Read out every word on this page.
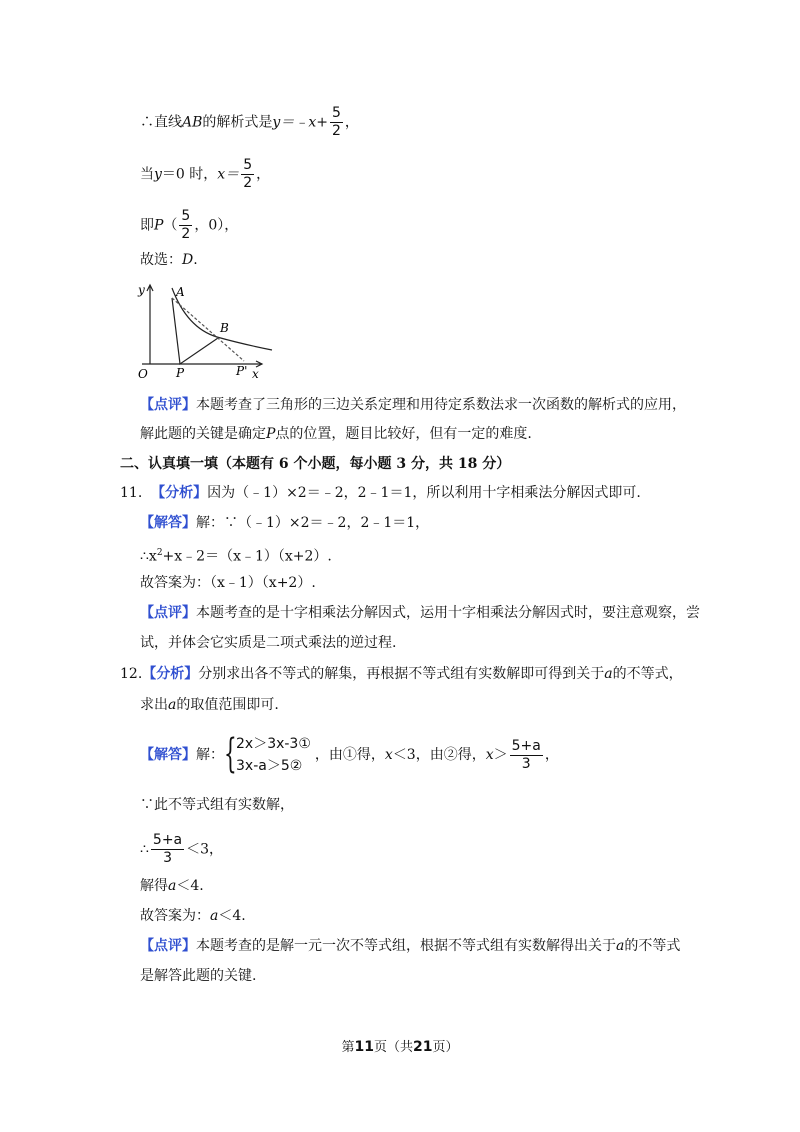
∴直线AB的解析式是y＝﹣x+ $\frac{5}{2}$ ，
当y＝0 时，$x= \frac{5}{2}$ ，
即$P( \frac{5}{2}$ ，0），
故选：D.
y
x
O
A
B
P	P'
【点评】本题考查了三角形的三边关系定理和用待定系数法求一次函数的解析式的应用，
解此题的关键是确定P点的位置，题目比较好，但有一定的难度.
二、认真填一填（本题有 6 个小题，每小题 3 分，共 18 分）
11. 【分析】因为（﹣1）×2＝﹣2，2﹣1＝1，所以利用十字相乘法分解因式即可.
【解答】解：∵（﹣1）×2＝﹣2，2﹣1＝1，
$\therefore x^2+x﹣2=(x﹣1)(x+2)$.
故答案为：（x﹣1）（x+2）.
【点评】本题考查的是十字相乘法分解因式，运用十字相乘法分解因式时，要注意观察，尝
试，并体会它实质是二项式乘法的逆过程.
12.【分析】分别求出各不等式的解集，再根据不等式组有实数解即可得到关于a的不等式，
求出a的取值范围即可.
【解答】解： { 2x＞3x-3①
3x-a＞5②
，由①得，x＜3，由②得，$x> \frac{5+a}{3}$ ，
∵此不等式组有实数解，
∴ $\frac{5+a}{3} <3$，
解得a＜4.
故答案为：a＜4.
【点评】本题考查的是解一元一次不等式组，根据不等式组有实数解得出关于a的不等式
是解答此题的关键.
第11页（共21页）
